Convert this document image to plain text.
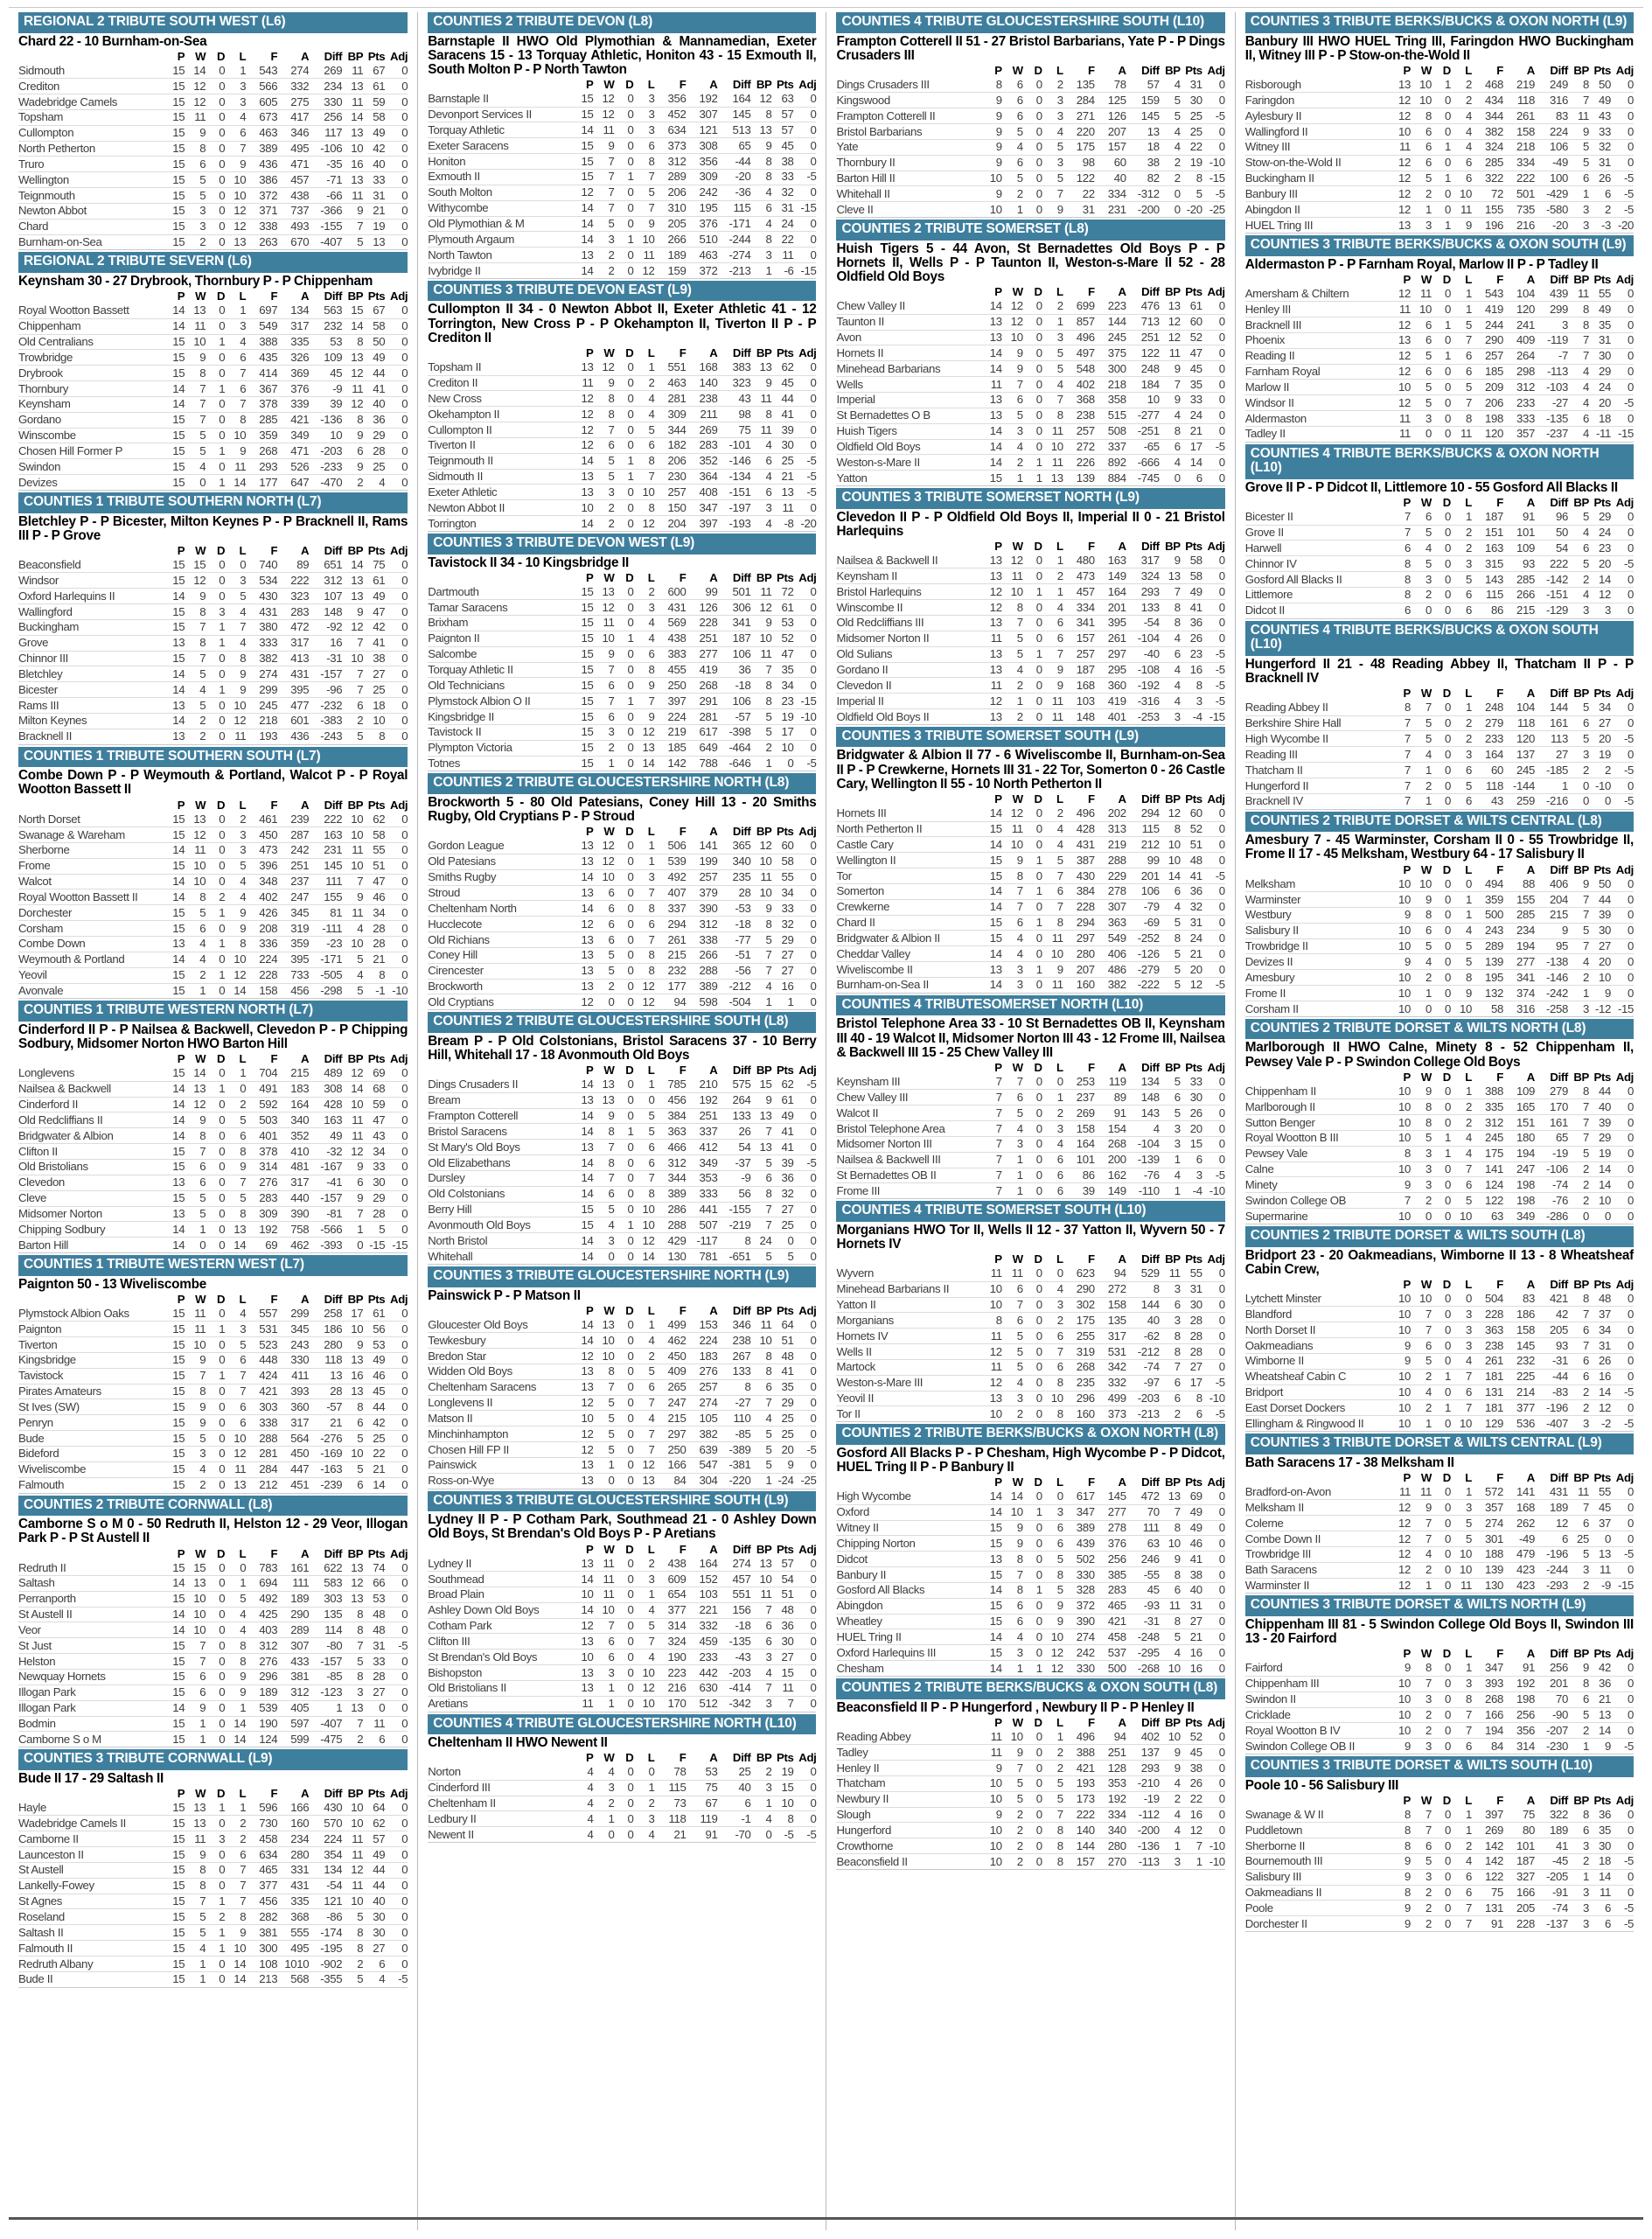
REGIONAL 2 TRIBUTE SOUTH WEST (L6)
Chard 22 - 10 Burnham-on-Sea
	P	W	D	L	F	A	Diff	BP	Pts	Adj
Sidmouth	15	14	0	1	543	274	269	11	67	0
Crediton	15	12	0	3	566	332	234	13	61	0
Wadebridge Camels	15	12	0	3	605	275	330	11	59	0
Topsham	15	11	0	4	673	417	256	14	58	0
Cullompton	15	9	0	6	463	346	117	13	49	0
North Petherton	15	8	0	7	389	495	-106	10	42	0
Truro	15	6	0	9	436	471	-35	16	40	0
Wellington	15	5	0	10	386	457	-71	13	33	0
Teignmouth	15	5	0	10	372	438	-66	11	31	0
Newton Abbot	15	3	0	12	371	737	-366	9	21	0
Chard	15	3	0	12	338	493	-155	7	19	0
Burnham-on-Sea	15	2	0	13	263	670	-407	5	13	0
REGIONAL 2 TRIBUTE SEVERN (L6)
Keynsham 30 - 27 Drybrook, Thornbury P - P Chippenham
	P	W	D	L	F	A	Diff	BP	Pts	Adj
Royal Wootton Bassett	14	13	0	1	697	134	563	15	67	0
Chippenham	14	11	0	3	549	317	232	14	58	0
Old Centralians	15	10	1	4	388	335	53	8	50	0
Trowbridge	15	9	0	6	435	326	109	13	49	0
Drybrook	15	8	0	7	414	369	45	12	44	0
Thornbury	14	7	1	6	367	376	-9	11	41	0
Keynsham	14	7	0	7	378	339	39	12	40	0
Gordano	15	7	0	8	285	421	-136	8	36	0
Winscombe	15	5	0	10	359	349	10	9	29	0
Chosen Hill Former P	15	5	1	9	268	471	-203	6	28	0
Swindon	15	4	0	11	293	526	-233	9	25	0
Devizes	15	0	1	14	177	647	-470	2	4	0
COUNTIES 1 TRIBUTE SOUTHERN NORTH (L7)
Bletchley P - P Bicester, Milton Keynes P - P Bracknell II, Rams III P - P Grove
	P	W	D	L	F	A	Diff	BP	Pts	Adj
Beaconsfield	15	15	0	0	740	89	651	14	75	0
Windsor	15	12	0	3	534	222	312	13	61	0
Oxford Harlequins II	14	9	0	5	430	323	107	13	49	0
Wallingford	15	8	3	4	431	283	148	9	47	0
Buckingham	15	7	1	7	380	472	-92	12	42	0
Grove	13	8	1	4	333	317	16	7	41	0
Chinnor III	15	7	0	8	382	413	-31	10	38	0
Bletchley	14	5	0	9	274	431	-157	7	27	0
Bicester	14	4	1	9	299	395	-96	7	25	0
Rams III	13	5	0	10	245	477	-232	6	18	0
Milton Keynes	14	2	0	12	218	601	-383	2	10	0
Bracknell II	13	2	0	11	193	436	-243	5	8	0
COUNTIES 1 TRIBUTE SOUTHERN SOUTH (L7)
Combe Down P - P Weymouth & Portland, Walcot P - P Royal Wootton Bassett II
	P	W	D	L	F	A	Diff	BP	Pts	Adj
North Dorset	15	13	0	2	461	239	222	10	62	0
Swanage & Wareham	15	12	0	3	450	287	163	10	58	0
Sherborne	14	11	0	3	473	242	231	11	55	0
Frome	15	10	0	5	396	251	145	10	51	0
Walcot	14	10	0	4	348	237	111	7	47	0
Royal Wootton Bassett II	14	8	2	4	402	247	155	9	46	0
Dorchester	15	5	1	9	426	345	81	11	34	0
Corsham	15	6	0	9	208	319	-111	4	28	0
Combe Down	13	4	1	8	336	359	-23	10	28	0
Weymouth & Portland	14	4	0	10	224	395	-171	5	21	0
Yeovil	15	2	1	12	228	733	-505	4	8	0
Avonvale	15	1	0	14	158	456	-298	5	-1	-10
COUNTIES 1 TRIBUTE WESTERN NORTH (L7)
Cinderford II P - P Nailsea & Backwell, Clevedon P - P Chipping Sodbury, Midsomer Norton HWO Barton Hill
	P	W	D	L	F	A	Diff	BP	Pts	Adj
Longlevens	15	14	0	1	704	215	489	12	69	0
Nailsea & Backwell	14	13	1	0	491	183	308	14	68	0
Cinderford II	14	12	0	2	592	164	428	10	59	0
Old Redcliffians II	14	9	0	5	503	340	163	11	47	0
Bridgwater & Albion	14	8	0	6	401	352	49	11	43	0
Clifton II	15	7	0	8	378	410	-32	12	34	0
Old Bristolians	15	6	0	9	314	481	-167	9	33	0
Clevedon	13	6	0	7	276	317	-41	6	30	0
Cleve	15	5	0	5	283	440	-157	9	29	0
Midsomer Norton	13	5	0	8	309	390	-81	7	28	0
Chipping Sodbury	14	1	0	13	192	758	-566	1	5	0
Barton Hill	14	0	0	14	69	462	-393	0	-15	-15
COUNTIES 1 TRIBUTE WESTERN WEST (L7)
Paignton 50 - 13 Wiveliscombe
	P	W	D	L	F	A	Diff	BP	Pts	Adj
Plymstock Albion Oaks	15	11	0	4	557	299	258	17	61	0
Paignton	15	11	1	3	531	345	186	10	56	0
Tiverton	15	10	0	5	523	243	280	9	53	0
Kingsbridge	15	9	0	6	448	330	118	13	49	0
Tavistock	15	7	1	7	424	411	13	16	46	0
Pirates Amateurs	15	8	0	7	421	393	28	13	45	0
St Ives (SW)	15	9	0	6	303	360	-57	8	44	0
Penryn	15	9	0	6	338	317	21	6	42	0
Bude	15	5	0	10	288	564	-276	5	25	0
Bideford	15	3	0	12	281	450	-169	10	22	0
Wiveliscombe	15	4	0	11	284	447	-163	5	21	0
Falmouth	15	2	0	13	212	451	-239	6	14	0
COUNTIES 2 TRIBUTE CORNWALL (L8)
Camborne S o M 0 - 50 Redruth II, Helston 12 - 29 Veor, Illogan Park P - P St Austell II
	P	W	D	L	F	A	Diff	BP	Pts	Adj
Redruth II	15	15	0	0	783	161	622	13	74	0
Saltash	14	13	0	1	694	111	583	12	66	0
Perranporth	15	10	0	5	492	189	303	13	53	0
St Austell II	14	10	0	4	425	290	135	8	48	0
Veor	14	10	0	4	403	289	114	8	48	0
St Just	15	7	0	8	312	307	-80	7	31	-5
Helston	15	7	0	8	276	433	-157	5	33	0
Newquay Hornets	15	6	0	9	296	381	-85	8	28	0
Illogan Park	15	6	0	9	189	312	-123	3	27	0
Illogan Park	14	9	0	1	539	405	1	13	0	0
Bodmin	15	1	0	14	190	597	-407	7	11	0
Camborne S o M	15	1	0	14	124	599	-475	2	6	0
COUNTIES 3 TRIBUTE CORNWALL (L9)
Bude II 17 - 29 Saltash II
	P	W	D	L	F	A	Diff	BP	Pts	Adj
Hayle	15	13	1	1	596	166	430	10	64	0
Wadebridge Camels II	15	13	0	2	730	160	570	10	62	0
Camborne II	15	11	3	2	458	234	224	11	57	0
Launceston II	15	9	0	6	634	280	354	11	49	0
St Austell	15	8	0	7	465	331	134	12	44	0
Lankelly-Fowey	15	8	0	7	377	431	-54	11	44	0
St Agnes	15	7	1	7	456	335	121	10	40	0
Roseland	15	5	2	8	282	368	-86	5	30	0
Saltash II	15	5	1	9	381	555	-174	8	30	0
Falmouth II	15	4	1	10	300	495	-195	8	27	0
Redruth Albany	15	1	0	14	108	1010	-902	2	6	0
Bude II	15	1	0	14	213	568	-355	5	4	-5
COUNTIES 2 TRIBUTE DEVON (L8)
Barnstaple II HWO Old Plymothian & Mannamedian, Exeter Saracens 15 - 13 Torquay Athletic, Honiton 43 - 15 Exmouth II, South Molton P - P North Tawton
	P	W	D	L	F	A	Diff	BP	Pts	Adj
Barnstaple II	15	12	0	3	356	192	164	12	63	0
Devonport Services II	15	12	0	3	452	307	145	8	57	0
Torquay Athletic	14	11	0	3	634	121	513	13	57	0
Exeter Saracens	15	9	0	6	373	308	65	9	45	0
Honiton	15	7	0	8	312	356	-44	8	38	0
Exmouth II	15	7	1	7	289	309	-20	8	33	-5
South Molton	12	7	0	5	206	242	-36	4	32	0
Withycombe	14	7	0	7	310	195	115	6	31	-15
Old Plymothian & M	14	5	0	9	205	376	-171	4	24	0
Plymouth Argaum	14	3	1	10	266	510	-244	8	22	0
North Tawton	13	2	0	11	189	463	-274	3	11	0
Ivybridge II	14	2	0	12	159	372	-213	1	-6	-15
COUNTIES 3 TRIBUTE DEVON EAST (L9)
Cullompton II 34 - 0 Newton Abbot II, Exeter Athletic 41 - 12 Torrington, New Cross P - P Okehampton II, Tiverton II P - P Crediton II
	P	W	D	L	F	A	Diff	BP	Pts	Adj
Topsham II	13	12	0	1	551	168	383	13	62	0
Crediton II	11	9	0	2	463	140	323	9	45	0
New Cross	12	8	0	4	281	238	43	11	44	0
Okehampton II	12	8	0	4	309	211	98	8	41	0
Cullompton II	12	7	0	5	344	269	75	11	39	0
Tiverton II	12	6	0	6	182	283	-101	4	30	0
Teignmouth II	14	5	1	8	206	352	-146	6	25	-5
Sidmouth II	13	5	1	7	230	364	-134	4	21	-5
Exeter Athletic	13	3	0	10	257	408	-151	6	13	-5
Newton Abbot II	10	2	0	8	150	347	-197	3	11	0
Torrington	14	2	0	12	204	397	-193	4	-8	-20
COUNTIES 3 TRIBUTE DEVON WEST (L9)
Tavistock II 34 - 10 Kingsbridge II
	P	W	D	L	F	A	Diff	BP	Pts	Adj
Dartmouth	15	13	0	2	600	99	501	11	72	0
Tamar Saracens	15	12	0	3	431	126	306	12	61	0
Brixham	15	11	0	4	569	228	341	9	53	0
Paignton II	15	10	1	4	438	251	187	10	52	0
Salcombe	15	9	0	6	383	277	106	11	47	0
Torquay Athletic II	15	7	0	8	455	419	36	7	35	0
Old Technicians	15	6	0	9	250	268	-18	8	34	0
Plymstock Albion O II	15	7	1	7	397	291	106	8	23	-15
Kingsbridge II	15	6	0	9	224	281	-57	5	19	-10
Tavistock II	15	3	0	12	219	617	-398	5	17	0
Plympton Victoria	15	2	0	13	185	649	-464	2	10	0
Totnes	15	1	0	14	142	788	-646	1	0	-5
COUNTIES 2 TRIBUTE GLOUCESTERSHIRE NORTH (L8)
Brockworth 5 - 80 Old Patesians, Coney Hill 13 - 20 Smiths Rugby, Old Cryptians P - P Stroud
	P	W	D	L	F	A	Diff	BP	Pts	Adj
Gordon League	13	12	0	1	506	141	365	12	60	0
Old Patesians	13	12	0	1	539	199	340	10	58	0
Smiths Rugby	14	10	0	3	492	257	235	11	55	0
Stroud	13	6	0	7	407	379	28	10	34	0
Cheltenham North	14	6	0	8	337	390	-53	9	33	0
Hucclecote	12	6	0	6	294	312	-18	8	32	0
Old Richians	13	6	0	7	261	338	-77	5	29	0
Coney Hill	13	5	0	8	215	266	-51	7	27	0
Cirencester	13	5	0	8	232	288	-56	7	27	0
Brockworth	13	2	0	12	177	389	-212	4	16	0
Old Cryptians	12	0	0	12	94	598	-504	1	1	0
COUNTIES 2 TRIBUTE GLOUCESTERSHIRE SOUTH (L8)
Bream P - P Old Colstonians, Bristol Saracens 37 - 10 Berry Hill, Whitehall 17 - 18 Avonmouth Old Boys
	P	W	D	L	F	A	Diff	BP	Pts	Adj
Dings Crusaders II	14	13	0	1	785	210	575	15	62	-5
Bream	13	13	0	0	456	192	264	9	61	0
Frampton Cotterell	14	9	0	5	384	251	133	13	49	0
Bristol Saracens	14	8	1	5	363	337	26	7	41	0
St Mary's Old Boys	13	7	0	6	466	412	54	13	41	0
Old Elizabethans	14	8	0	6	312	349	-37	5	39	-5
Dursley	14	7	0	7	344	353	-9	6	36	0
Old Colstonians	14	6	0	8	389	333	56	8	32	0
Berry Hill	15	5	0	10	286	441	-155	7	27	0
Avonmouth Old Boys	15	4	1	10	288	507	-219	7	25	0
North Bristol	14	3	0	12	429	-117	8	24	0	0
Whitehall	14	0	0	14	130	781	-651	5	5	0
COUNTIES 3 TRIBUTE GLOUCESTERSHIRE NORTH (L9)
Painswick P - P Matson II
	P	W	D	L	F	A	Diff	BP	Pts	Adj
Gloucester Old Boys	14	13	0	1	499	153	346	11	64	0
Tewkesbury	14	10	0	4	462	224	238	10	51	0
Bredon Star	12	10	0	2	450	183	267	8	48	0
Widden Old Boys	13	8	0	5	409	276	133	8	41	0
Cheltenham Saracens	13	7	0	6	265	257	8	6	35	0
Longlevens II	12	5	0	7	247	274	-27	7	29	0
Matson II	10	5	0	4	215	105	110	4	25	0
Minchinhampton	12	5	0	7	297	382	-85	5	25	0
Chosen Hill FP II	12	5	0	7	250	639	-389	5	20	-5
Painswick	13	1	0	12	166	547	-381	5	9	0
Ross-on-Wye	13	0	0	13	84	304	-220	1	-24	-25
COUNTIES 3 TRIBUTE GLOUCESTERSHIRE SOUTH (L9)
Lydney II P - P Cotham Park, Southmead 21 - 0 Ashley Down Old Boys, St Brendan's Old Boys P - P Aretians
	P	W	D	L	F	A	Diff	BP	Pts	Adj
Lydney II	13	11	0	2	438	164	274	13	57	0
Southmead	14	11	0	3	609	152	457	10	54	0
Broad Plain	10	11	0	1	654	103	551	11	51	0
Ashley Down Old Boys	14	10	0	4	377	221	156	7	48	0
Cotham Park	12	7	0	5	314	332	-18	6	36	0
Clifton III	13	6	0	7	324	459	-135	6	30	0
St Brendan's Old Boys	10	6	0	4	190	233	-43	3	27	0
Bishopston	13	3	0	10	223	442	-203	4	15	0
Old Bristolians II	13	1	0	12	216	630	-414	7	11	0
Aretians	11	1	0	10	170	512	-342	3	7	0
COUNTIES 4 TRIBUTE GLOUCESTERSHIRE NORTH (L10)
Cheltenham II HWO Newent II
	P	W	D	L	F	A	Diff	BP	Pts	Adj
Norton	4	4	0	0	78	53	25	2	19	0
Cinderford III	4	3	0	1	115	75	40	3	15	0
Cheltenham II	4	2	0	2	73	67	6	1	10	0
Ledbury II	4	1	0	3	118	119	-1	4	8	0
Newent II	4	0	0	4	21	91	-70	0	-5	-5
COUNTIES 4 TRIBUTE GLOUCESTERSHIRE SOUTH (L10)
Frampton Cotterell II 51 - 27 Bristol Barbarians, Yate P - P Dings Crusaders III
	P	W	D	L	F	A	Diff	BP	Pts	Adj
Dings Crusaders III	8	6	0	2	135	78	57	4	31	0
Kingswood	9	6	0	3	284	125	159	5	30	0
Frampton Cotterell II	9	6	0	3	271	126	145	5	25	-5
Bristol Barbarians	9	5	0	4	220	207	13	4	25	0
Yate	9	4	0	5	175	157	18	4	22	0
Thornbury II	9	6	0	3	98	60	38	2	19	-10
Barton Hill II	10	5	0	5	122	40	82	2	8	-15
Whitehall II	9	2	0	7	22	334	-312	0	5	-5
Cleve II	10	1	0	9	31	231	-200	0	-20	-25
COUNTIES 2 TRIBUTE SOMERSET (L8)
Huish Tigers 5 - 44 Avon, St Bernadettes Old Boys P - P Hornets II, Wells P - P Taunton II, Weston-s-Mare II 52 - 28 Oldfield Old Boys
	P	W	D	L	F	A	Diff	BP	Pts	Adj
Chew Valley II	14	12	0	2	699	223	476	13	61	0
Taunton II	13	12	0	1	857	144	713	12	60	0
Avon	13	10	0	3	496	245	251	12	52	0
Hornets II	14	9	0	5	497	375	122	11	47	0
Minehead Barbarians	14	9	0	5	548	300	248	9	45	0
Wells	11	7	0	4	402	218	184	7	35	0
Imperial	13	6	0	7	368	358	10	9	33	0
St Bernadettes O B	13	5	0	8	238	515	-277	4	24	0
Huish Tigers	14	3	0	11	257	508	-251	8	21	0
Oldfield Old Boys	14	4	0	10	272	337	-65	6	17	-5
Weston-s-Mare II	14	2	1	11	226	892	-666	4	14	0
Yatton	15	1	1	13	139	884	-745	0	6	0
COUNTIES 3 TRIBUTE SOMERSET NORTH (L9)
Clevedon II P - P Oldfield Old Boys II, Imperial II 0 - 21 Bristol Harlequins
	P	W	D	L	F	A	Diff	BP	Pts	Adj
Nailsea & Backwell II	13	12	0	1	480	163	317	9	58	0
Keynsham II	13	11	0	2	473	149	324	13	58	0
Bristol Harlequins	12	10	1	1	457	164	293	7	49	0
Winscombe II	12	8	0	4	334	201	133	8	41	0
Old Redcliffians III	13	7	0	6	341	395	-54	8	36	0
Midsomer Norton II	11	5	0	6	157	261	-104	4	26	0
Old Sulians	13	5	1	7	257	297	-40	6	23	-5
Gordano II	13	4	0	9	187	295	-108	4	16	-5
Clevedon II	11	2	0	9	168	360	-192	4	8	-5
Imperial II	12	1	0	11	103	419	-316	4	3	-5
Oldfield Old Boys II	13	2	0	11	148	401	-253	3	-4	-15
COUNTIES 3 TRIBUTE SOMERSET SOUTH (L9)
Bridgwater & Albion II 77 - 6 Wiveliscombe II, Burnham-on-Sea II P - P Crewkerne, Hornets III 31 - 22 Tor, Somerton 0 - 26 Castle Cary, Wellington II 55 - 10 North Petherton II
	P	W	D	L	F	A	Diff	BP	Pts	Adj
Hornets III	14	12	0	2	496	202	294	12	60	0
North Petherton II	15	11	0	4	428	313	115	8	52	0
Castle Cary	14	10	0	4	431	219	212	10	51	0
Wellington II	15	9	1	5	387	288	99	10	48	0
Tor	15	8	0	7	430	229	201	14	41	-5
Somerton	14	7	1	6	384	278	106	6	36	0
Crewkerne	14	7	0	7	228	307	-79	4	32	0
Chard II	15	6	1	8	294	363	-69	5	31	0
Bridgwater & Albion II	15	4	0	11	297	549	-252	8	24	0
Cheddar Valley	14	4	0	10	280	406	-126	5	21	0
Wiveliscombe II	13	3	1	9	207	486	-279	5	20	0
Burnham-on-Sea II	14	3	0	11	160	382	-222	5	12	-5
COUNTIES 4 TRIBUTESOMERSET NORTH (L10)
Bristol Telephone Area 33 - 10 St Bernadettes OB II, Keynsham III 40 - 19 Walcot II, Midsomer Norton III 43 - 12 Frome III, Nailsea & Backwell III 15 - 25 Chew Valley III
	P	W	D	L	F	A	Diff	BP	Pts	Adj
Keynsham III	7	7	0	0	253	119	134	5	33	0
Chew Valley III	7	6	0	1	237	89	148	6	30	0
Walcot II	7	5	0	2	269	91	143	5	26	0
Bristol Telephone Area	7	4	0	3	158	154	4	3	20	0
Midsomer Norton III	7	3	0	4	164	268	-104	3	15	0
Nailsea & Backwell III	7	1	0	6	101	200	-139	1	6	0
St Bernadettes OB II	7	1	0	6	86	162	-76	4	3	-5
Frome III	7	1	0	6	39	149	-110	1	-4	-10
COUNTIES 4 TRIBUTE SOMERSET SOUTH (L10)
Morganians HWO Tor II, Wells II 12 - 37 Yatton II, Wyvern 50 - 7 Hornets IV
	P	W	D	L	F	A	Diff	BP	Pts	Adj
Wyvern	11	11	0	0	623	94	529	11	55	0
Minehead Barbarians II	10	6	0	4	290	272	8	3	31	0
Yatton II	10	7	0	3	302	158	144	6	30	0
Morganians	8	6	0	2	175	135	40	3	28	0
Hornets IV	11	5	0	6	255	317	-62	8	28	0
Wells II	12	5	0	7	319	531	-212	8	28	0
Martock	11	5	0	6	268	342	-74	7	27	0
Weston-s-Mare III	12	4	0	8	235	332	-97	6	17	-5
Yeovil II	13	3	0	10	296	499	-203	6	8	-10
Tor II	10	2	0	8	160	373	-213	2	6	-5
COUNTIES 2 TRIBUTE BERKS/BUCKS & OXON NORTH (L8)
Gosford All Blacks P - P Chesham, High Wycombe P - P Didcot, HUEL Tring II P - P Banbury II
	P	W	D	L	F	A	Diff	BP	Pts	Adj
High Wycombe	14	14	0	0	617	145	472	13	69	0
Oxford	14	10	1	3	347	277	70	7	49	0
Witney II	15	9	0	6	389	278	111	8	49	0
Chipping Norton	15	9	0	6	439	376	63	10	46	0
Didcot	13	8	0	5	502	256	246	9	41	0
Banbury II	15	7	0	8	330	385	-55	8	38	0
Gosford All Blacks	14	8	1	5	328	283	45	6	40	0
Abingdon	15	6	0	9	372	465	-93	11	31	0
Wheatley	15	6	0	9	390	421	-31	8	27	0
HUEL Tring II	14	4	0	10	274	458	-248	5	21	0
Oxford Harlequins III	15	3	0	12	242	537	-295	4	16	0
Chesham	14	1	1	12	330	500	-268	10	16	0
COUNTIES 2 TRIBUTE BERKS/BUCKS & OXON SOUTH (L8)
Beaconsfield II P - P Hungerford , Newbury II P - P Henley II
	P	W	D	L	F	A	Diff	BP	Pts	Adj
Reading Abbey	11	10	0	1	496	94	402	10	52	0
Tadley	11	9	0	2	388	251	137	9	45	0
Henley II	9	7	0	2	421	128	293	9	38	0
Thatcham	10	5	0	5	193	353	-210	4	26	0
Newbury II	10	5	0	5	173	192	-19	2	22	0
Slough	9	2	0	7	222	334	-112	4	16	0
Hungerford	10	2	0	8	140	340	-200	4	12	0
Crowthorne	10	2	0	8	144	280	-136	1	7	-10
Beaconsfield II	10	2	0	8	157	270	-113	3	1	-10
COUNTIES 3 TRIBUTE BERKS/BUCKS & OXON NORTH (L9)
Banbury III HWO HUEL Tring III, Faringdon HWO Buckingham II, Witney III P - P Stow-on-the-Wold II
	P	W	D	L	F	A	Diff	BP	Pts	Adj
Risborough	13	10	1	2	468	219	249	8	50	0
Faringdon	12	10	0	2	434	118	316	7	49	0
Aylesbury II	12	8	0	4	344	261	83	11	43	0
Wallingford II	10	6	0	4	382	158	224	9	33	0
Witney III	11	6	1	4	324	218	106	5	32	0
Stow-on-the-Wold II	12	6	0	6	285	334	-49	5	31	0
Buckingham II	12	5	1	6	322	222	100	6	26	-5
Banbury III	12	2	0	10	72	501	-429	1	6	-5
Abingdon II	12	1	0	11	155	735	-580	3	2	-5
HUEL Tring III	13	3	1	9	196	216	-20	3	-3	-20
COUNTIES 3 TRIBUTE BERKS/BUCKS & OXON SOUTH (L9)
Aldermaston P - P Farnham Royal, Marlow II P - P Tadley II
	P	W	D	L	F	A	Diff	BP	Pts	Adj
Amersham & Chiltern	12	11	0	1	543	104	439	11	55	0
Henley III	11	10	0	1	419	120	299	8	49	0
Bracknell III	12	6	1	5	244	241	3	8	35	0
Phoenix	13	6	0	7	290	409	-119	7	31	0
Reading II	12	5	1	6	257	264	-7	7	30	0
Farnham Royal	12	6	0	6	185	298	-113	4	29	0
Marlow II	10	5	0	5	209	312	-103	4	24	0
Windsor II	12	5	0	7	206	233	-27	4	20	-5
Aldermaston	11	3	0	8	198	333	-135	6	18	0
Tadley II	11	0	0	11	120	357	-237	4	-11	-15
COUNTIES 4 TRIBUTE BERKS/BUCKS & OXON NORTH (L10)
Grove II P - P Didcot II, Littlemore 10 - 55 Gosford All Blacks II
	P	W	D	L	F	A	Diff	BP	Pts	Adj
Bicester II	7	6	0	1	187	91	96	5	29	0
Grove II	7	5	0	2	151	101	50	4	24	0
Harwell	6	4	0	2	163	109	54	6	23	0
Chinnor IV	8	5	0	3	315	93	222	5	20	-5
Gosford All Blacks II	8	3	0	5	143	285	-142	2	14	0
Littlemore	8	2	0	6	115	266	-151	4	12	0
Didcot II	6	0	0	6	86	215	-129	3	3	0
COUNTIES 4 TRIBUTE BERKS/BUCKS & OXON SOUTH (L10)
Hungerford II 21 - 48 Reading Abbey II, Thatcham II P - P Bracknell IV
	P	W	D	L	F	A	Diff	BP	Pts	Adj
Reading Abbey II	8	7	0	1	248	104	144	5	34	0
Berkshire Shire Hall	7	5	0	2	279	118	161	6	27	0
High Wycombe II	7	5	0	2	233	120	113	5	20	-5
Reading III	7	4	0	3	164	137	27	3	19	0
Thatcham II	7	1	0	6	60	245	-185	2	2	-5
Hungerford II	7	2	0	5	118	-144	1	0	-10	0
Bracknell IV	7	1	0	6	43	259	-216	0	0	-5
COUNTIES 2 TRIBUTE DORSET & WILTS CENTRAL (L8)
Amesbury 7 - 45 Warminster, Corsham II 0 - 55 Trowbridge II, Frome II 17 - 45 Melksham, Westbury 64 - 17 Salisbury II
	P	W	D	L	F	A	Diff	BP	Pts	Adj
Melksham	10	10	0	0	494	88	406	9	50	0
Warminster	10	9	0	1	359	155	204	7	44	0
Westbury	9	8	0	1	500	285	215	7	39	0
Salisbury II	10	6	0	4	243	234	9	5	30	0
Trowbridge II	10	5	0	5	289	194	95	7	27	0
Devizes II	9	4	0	5	139	277	-138	4	20	0
Amesbury	10	2	0	8	195	341	-146	2	10	0
Frome II	10	1	0	9	132	374	-242	1	9	0
Corsham II	10	0	0	10	58	316	-258	3	-12	-15
COUNTIES 2 TRIBUTE DORSET & WILTS NORTH (L8)
Marlborough II HWO Calne, Minety 8 - 52 Chippenham II, Pewsey Vale P - P Swindon College Old Boys
	P	W	D	L	F	A	Diff	BP	Pts	Adj
Chippenham II	10	9	0	1	388	109	279	8	44	0
Marlborough II	10	8	0	2	335	165	170	7	40	0
Sutton Benger	10	8	0	2	312	151	161	7	39	0
Royal Wootton B III	10	5	1	4	245	180	65	7	29	0
Pewsey Vale	8	3	1	4	175	194	-19	5	19	0
Calne	10	3	0	7	141	247	-106	2	14	0
Minety	9	3	0	6	124	198	-74	2	14	0
Swindon College OB	7	2	0	5	122	198	-76	2	10	0
Supermarine	10	0	0	10	63	349	-286	0	0	0
COUNTIES 2 TRIBUTE DORSET & WILTS SOUTH (L8)
Bridport 23 - 20 Oakmeadians, Wimborne II 13 - 8 Wheatsheaf Cabin Crew,
	P	W	D	L	F	A	Diff	BP	Pts	Adj
Lytchett Minster	10	10	0	0	504	83	421	8	48	0
Blandford	10	7	0	3	228	186	42	7	37	0
North Dorset II	10	7	0	3	363	158	205	6	34	0
Oakmeadians	9	6	0	3	238	145	93	7	31	0
Wimborne II	9	5	0	4	261	232	-31	6	26	0
Wheatsheaf Cabin C	10	2	1	7	181	225	-44	6	16	0
Bridport	10	4	0	6	131	214	-83	2	14	-5
East Dorset Dockers	10	2	1	7	181	377	-196	2	12	0
Ellingham & Ringwood II	10	1	0	10	129	536	-407	3	-2	-5
COUNTIES 3 TRIBUTE DORSET & WILTS CENTRAL (L9)
Bath Saracens 17 - 38 Melksham II
	P	W	D	L	F	A	Diff	BP	Pts	Adj
Bradford-on-Avon	11	11	0	1	572	141	431	11	55	0
Melksham II	12	9	0	3	357	168	189	7	45	0
Colerne	12	7	0	5	274	262	12	6	37	0
Combe Down II	12	7	0	5	301	-49	6	25	0	0
Trowbridge III	12	4	0	10	188	479	-196	5	13	-5
Bath Saracens	12	2	0	10	139	423	-244	3	11	0
Warminster II	12	1	0	11	130	423	-293	2	-9	-15
COUNTIES 3 TRIBUTE DORSET & WILTS NORTH (L9)
Chippenham III 81 - 5 Swindon College Old Boys II, Swindon III 13 - 20 Fairford
	P	W	D	L	F	A	Diff	BP	Pts	Adj
Fairford	9	8	0	1	347	91	256	9	42	0
Chippenham III	10	7	0	3	393	192	201	8	36	0
Swindon II	10	3	0	8	268	198	70	6	21	0
Cricklade	10	2	0	7	166	256	-90	5	13	0
Royal Wootton B IV	10	2	0	7	194	356	-207	2	14	0
Swindon College OB II	9	3	0	6	84	314	-230	1	9	-5
COUNTIES 3 TRIBUTE DORSET & WILTS SOUTH (L10)
Poole 10 - 56 Salisbury III
	P	W	D	L	F	A	Diff	BP	Pts	Adj
Swanage & W II	8	7	0	1	397	75	322	8	36	0
Puddletown	8	7	0	1	269	80	189	6	35	0
Sherborne II	8	6	0	2	142	101	41	3	30	0
Bournemouth III	9	5	0	4	142	187	-45	2	18	-5
Salisbury III	9	3	0	6	122	327	-205	1	14	0
Oakmeadians II	8	2	0	6	75	166	-91	3	11	0
Poole	9	2	0	7	131	205	-74	3	6	-5
Dorchester II	9	2	0	7	91	228	-137	3	6	-5
